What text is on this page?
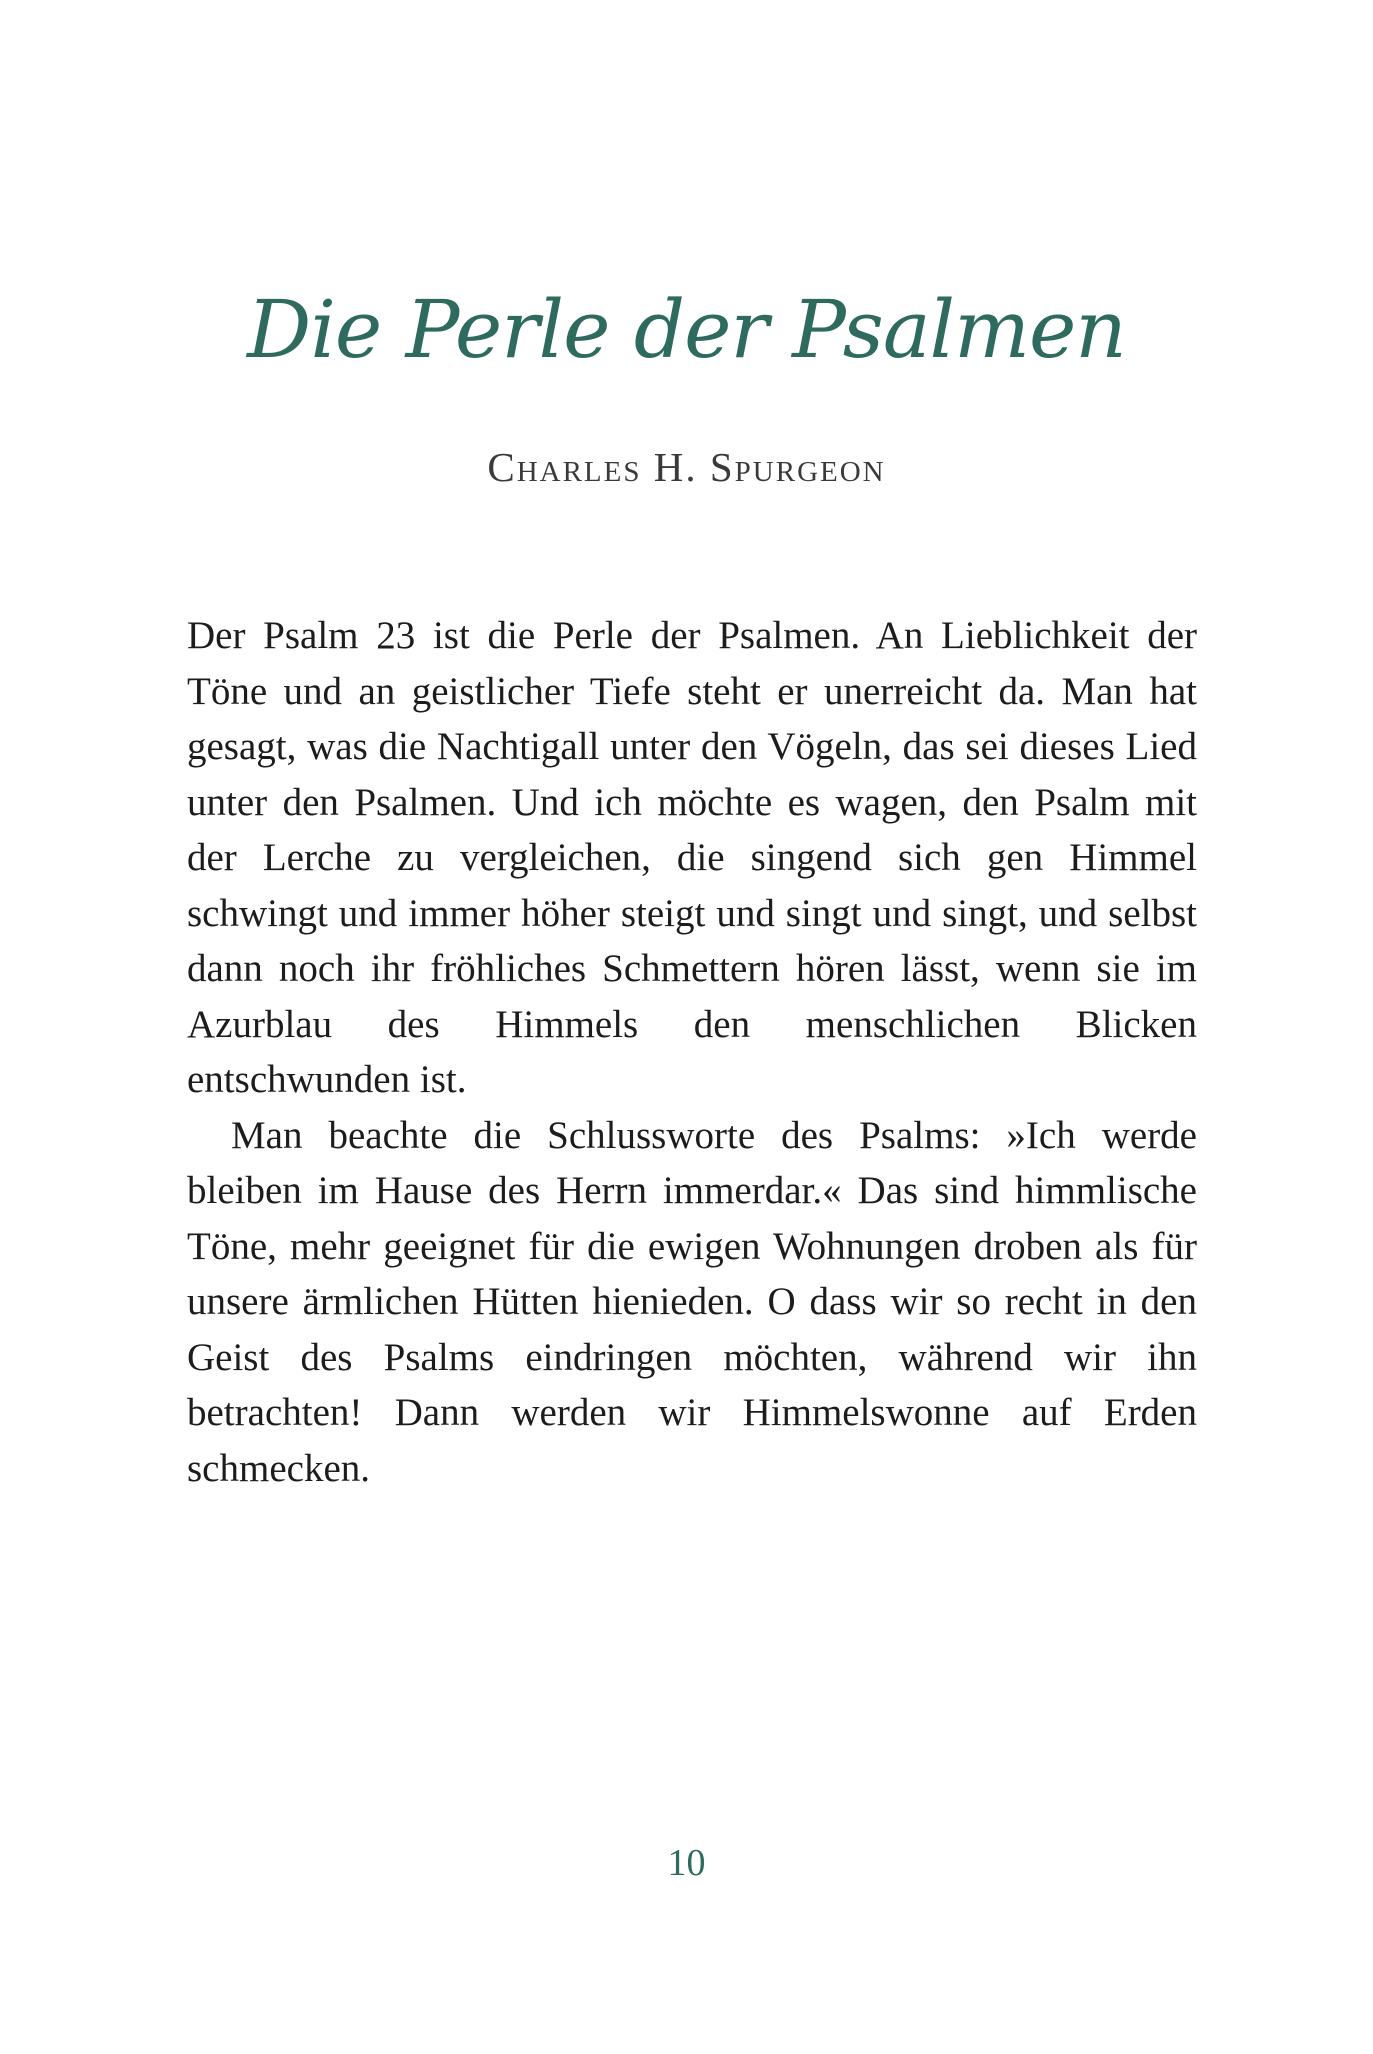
Die Perle der Psalmen
Charles H. Spurgeon

Der Psalm 23 ist die Perle der Psalmen. An Lieblichkeit der Töne und an geistlicher Tiefe steht er unerreicht da. Man hat gesagt, was die Nachtigall unter den Vögeln, das sei dieses Lied unter den Psalmen. Und ich möchte es wagen, den Psalm mit der Lerche zu vergleichen, die singend sich gen Himmel schwingt und immer höher steigt und singt und singt, und selbst dann noch ihr fröhliches Schmettern hören lässt, wenn sie im Azurblau des Himmels den menschlichen Blicken entschwunden ist.

Man beachte die Schlussworte des Psalms: »Ich werde bleiben im Hause des Herrn immerdar.« Das sind himmlische Töne, mehr geeignet für die ewigen Wohnungen droben als für unsere ärmlichen Hütten hienieden. O dass wir so recht in den Geist des Psalms eindringen möchten, während wir ihn betrachten! Dann werden wir Himmelswonne auf Erden schmecken.

10
